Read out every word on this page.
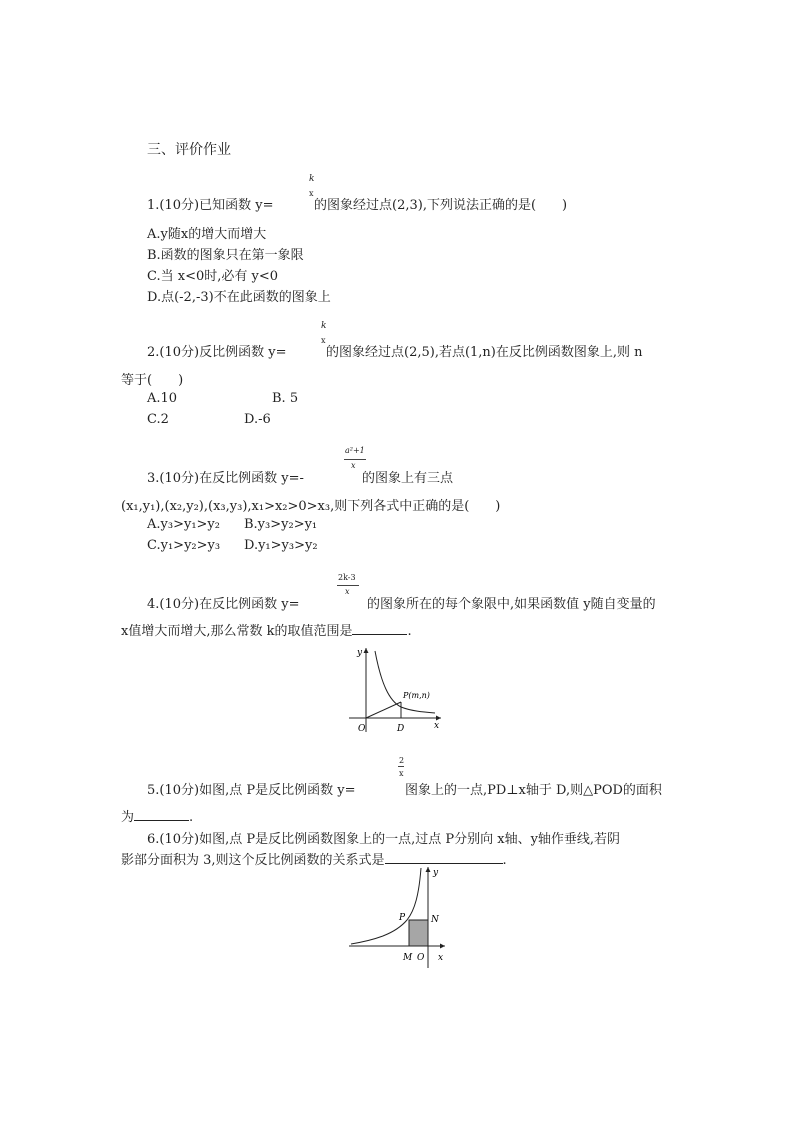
三、评价作业
1.(10分)已知函数 y=
k
x
的图象经过点(2,3),下列说法正确的是(　　)
A.y随x的增大而增大
B.函数的图象只在第一象限
C.当 x<0时,必有 y<0
D.点(-2,-3)不在此函数的图象上
2.(10分)反比例函数 y=
k
x
的图象经过点(2,5),若点(1,n)在反比例函数图象上,则 n
等于(　　)
A.10	B. 5
C.2	D.-6
3.(10分)在反比例函数 y=-
a²+1
x
的图象上有三点
(x₁,y₁),(x₂,y₂),(x₃,y₃),x₁>x₂>0>x₃,则下列各式中正确的是(　　)
A.y₃>y₁>y₂ B.y₃>y₂>y₁
C.y₁>y₂>y₃ D.y₁>y₃>y₂
4.(10分)在反比例函数 y=
2k-3
x
的图象所在的每个象限中,如果函数值 y随自变量的
x值增大而增大,那么常数 k的取值范围是	.
y
x
O	D
P(m,n)
5.(10分)如图,点 P是反比例函数 y=
2
x
图象上的一点,PD⊥x轴于 D,则△POD的面积
为	.
6.(10分)如图,点 P是反比例函数图象上的一点,过点 P分别向 x轴、y轴作垂线,若阴
影部分面积为 3,则这个反比例函数的关系式是	.
y
x
P	N
M O
